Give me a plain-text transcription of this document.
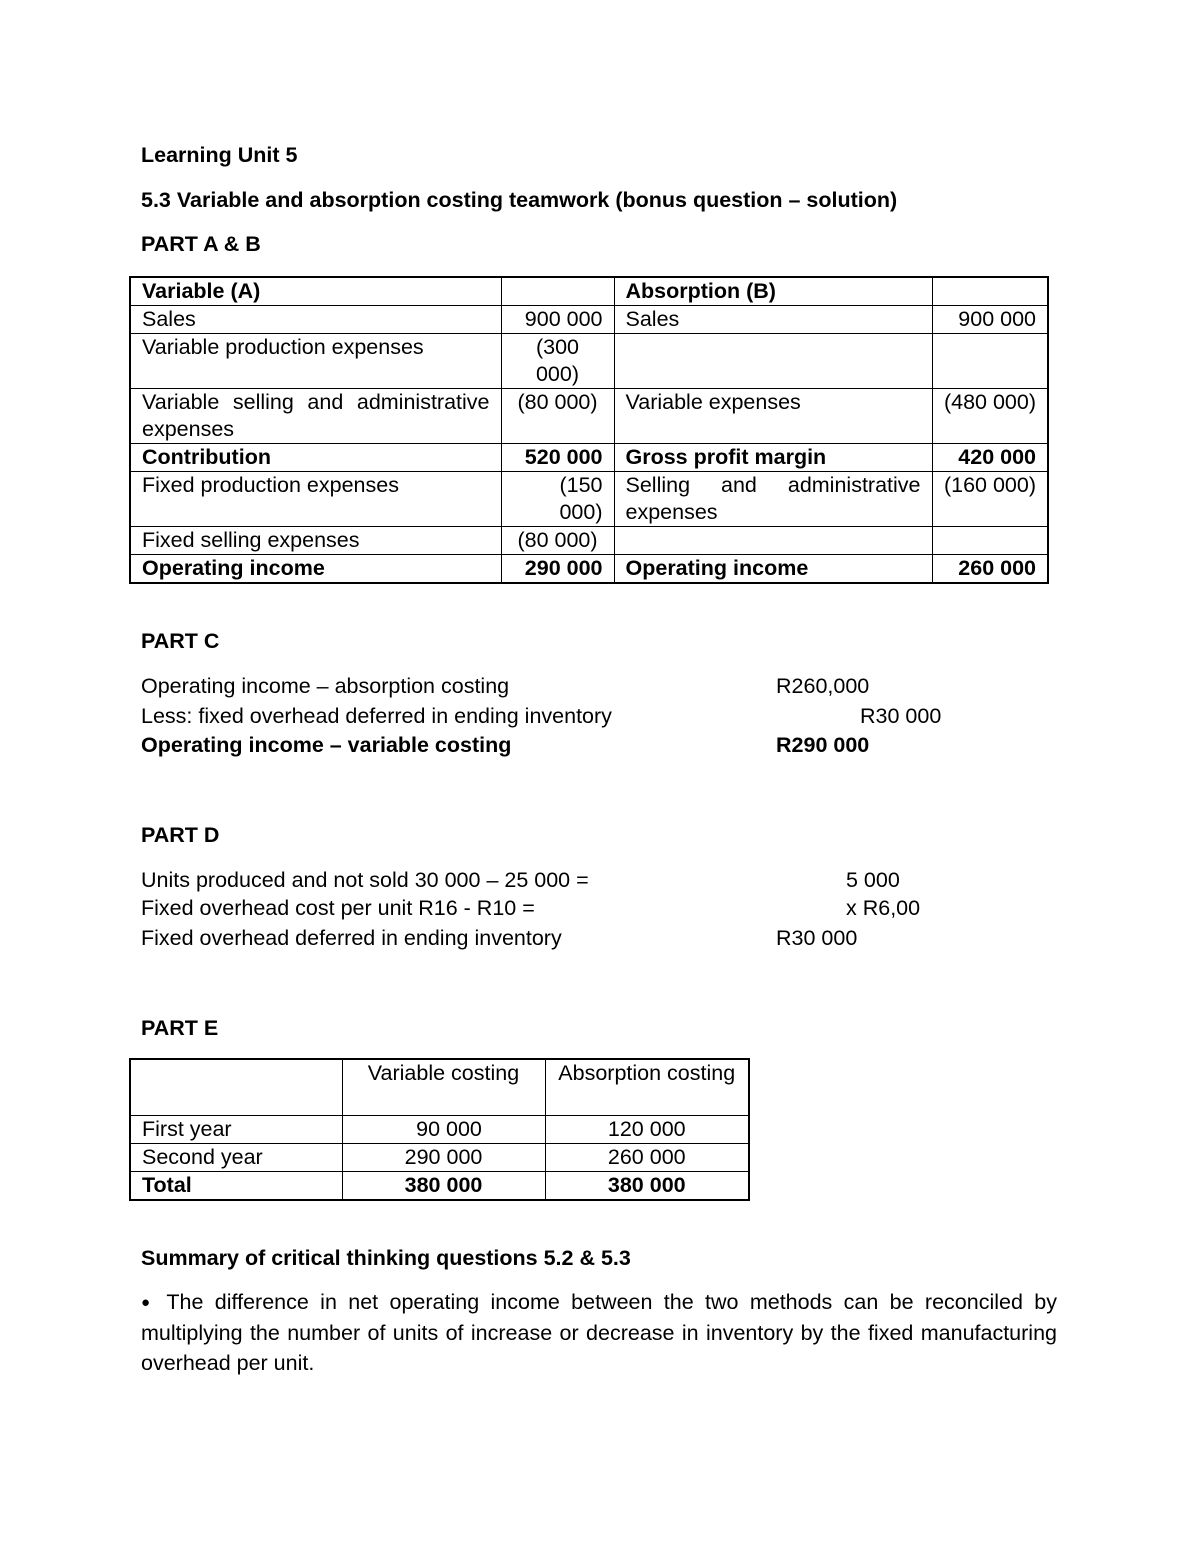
Learning Unit 5
5.3 Variable and absorption costing teamwork (bonus question – solution)
PART A & B
Variable (A)		Absorption (B)	
Sales	900 000	Sales	900 000
Variable production expenses	(300 000)		
Variable selling and administrative expenses	(80 000)	Variable expenses	(480 000)
Contribution	520 000	Gross profit margin	420 000
Fixed production expenses	(150 000)	Selling and administrative expenses	(160 000)
Fixed selling expenses	(80 000)		
Operating income	290 000	Operating income	260 000
PART C
Operating income – absorption costing	R260,000
Less: fixed overhead deferred in ending inventory	R30 000
Operating income – variable costing	R290 000
PART D
Units produced and not sold 30 000 – 25 000 =	5 000
Fixed overhead cost per unit R16 - R10 =	x R6,00
Fixed overhead deferred in ending inventory	R30 000
PART E
	Variable costing	Absorption costing
First year	90 000	120 000
Second year	290 000	260 000
Total	380 000	380 000
Summary of critical thinking questions 5.2 & 5.3
● The difference in net operating income between the two methods can be reconciled by multiplying the number of units of increase or decrease in inventory by the fixed manufacturing overhead per unit.
